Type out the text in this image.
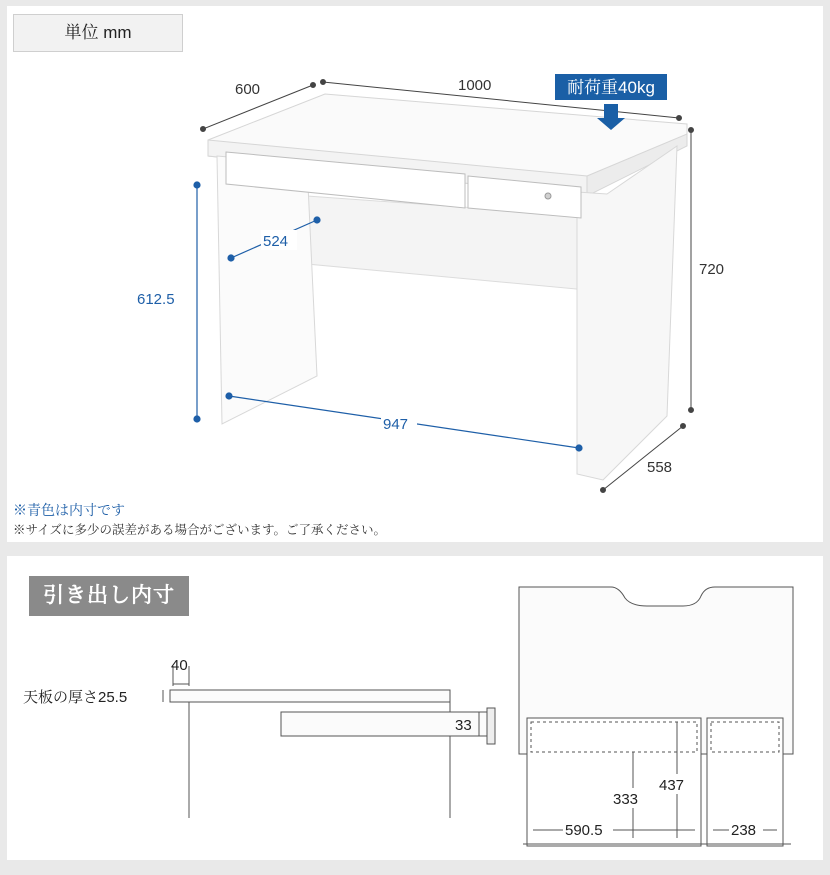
単位 mm
耐荷重40kg
600	1000
720
558
612.5
524
947
※青色は内寸です
※サイズに多少の誤差がある場合がございます。ご了承ください。
引き出し内寸
40
天板の厚さ25.5
33
333
437
590.5	238
